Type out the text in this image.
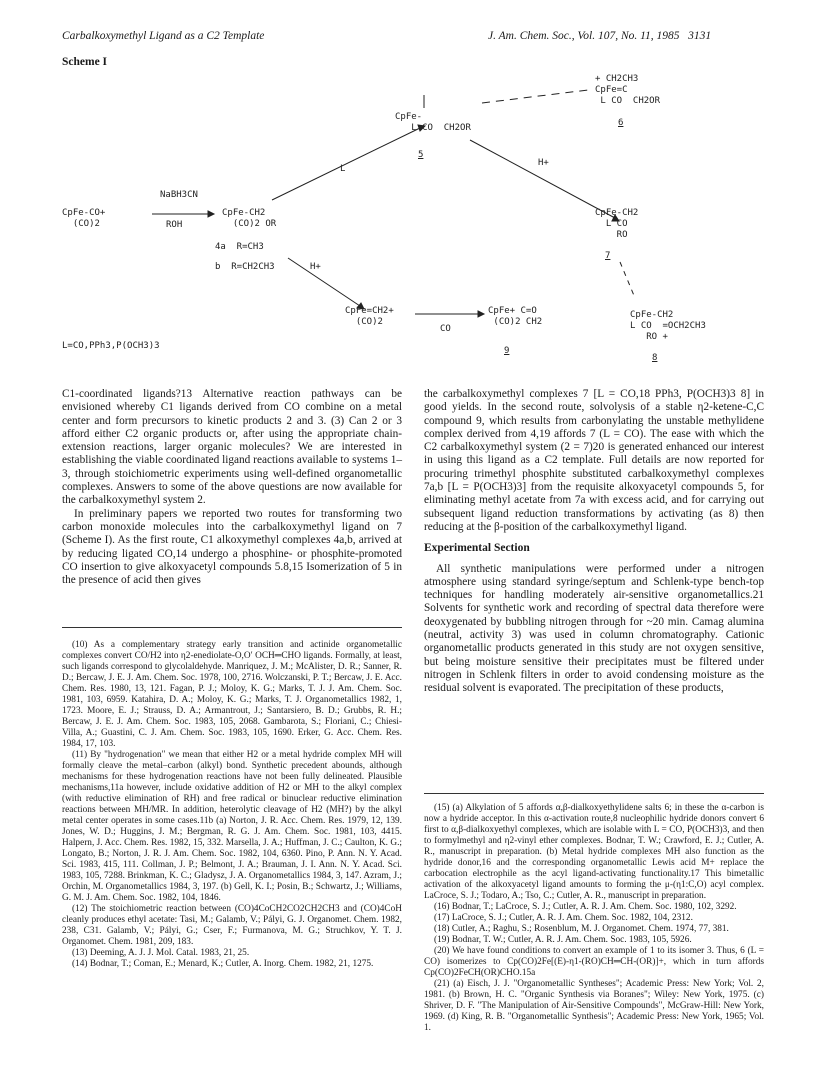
Carbalkoxymethyl Ligand as a C2 Template	J. Am. Chem. Soc., Vol. 107, No. 11, 1985 3131
Scheme I
CpFe-CO+
(CO)2
NaBH3CN
ROH
CpFe-CH2
(CO)2 OR
4a  R=CH3
b  R=CH2CH3	H+
CpFe-
L CO  CH2OR
5
L
H+
+ CH2CH3
CpFe=C
L CO  CH2OR
6
CpFe=CH2+
(CO)2
CO
CpFe+ C=O
(CO)2 CH2
9
CpFe-CH2
L CO
RO
7
CpFe-CH2
L CO  =OCH2CH3
RO +
8
L=CO,PPh3,P(OCH3)3

C1-coordinated ligands?13 Alternative reaction pathways can be envisioned whereby C1 ligands derived from CO combine on a metal center and form precursors to kinetic products 2 and 3. (3) Can 2 or 3 afford either C2 organic products or, after using the appropriate chain-extension reactions, larger organic molecules? We are interested in establishing the viable coordinated ligand reactions available to systems 1–3, through stoichiometric experiments using well-defined organometallic complexes. Answers to some of the above questions are now available for the carbalkoxymethyl system 2.

In preliminary papers we reported two routes for transforming two carbon monoxide molecules into the carbalkoxymethyl ligand on 7 (Scheme I). As the first route, C1 alkoxymethyl complexes 4a,b, arrived at by reducing ligated CO,14 undergo a phosphine- or phosphite-promoted CO insertion to give alkoxyacetyl compounds 5.8,15 Isomerization of 5 in the presence of acid then gives

the carbalkoxymethyl complexes 7 [L = CO,18 PPh3, P(OCH3)3 8] in good yields. In the second route, solvolysis of a stable η2-ketene-C,C compound 9, which results from carbonylating the unstable methylidene complex derived from 4,19 affords 7 (L = CO). The ease with which the C2 carbalkoxymethyl system (2 = 7)20 is generated enhanced our interest in using this ligand as a C2 template. Full details are now reported for procuring trimethyl phosphite substituted carbalkoxymethyl complexes 7a,b [L = P(OCH3)3] from the requisite alkoxyacetyl compounds 5, for eliminating methyl acetate from 7a with excess acid, and for carrying out subsequent ligand reduction transformations by activating (as 8) then reducing at the β-position of the carbalkoxymethyl ligand.

Experimental Section

All synthetic manipulations were performed under a nitrogen atmosphere using standard syringe/septum and Schlenk-type bench-top techniques for handling moderately air-sensitive organometallics.21 Solvents for synthetic work and recording of spectral data therefore were deoxygenated by bubbling nitrogen through for ~20 min. Camag alumina (neutral, activity 3) was used in column chromatography. Cationic organometallic products generated in this study are not oxygen sensitive, but being moisture sensitive their precipitates must be filtered under nitrogen in Schlenk filters in order to avoid condensing moisture as the residual solvent is evaporated. The precipitation of these products,

(10) As a complementary strategy early transition and actinide organometallic complexes convert CO/H2 into η2-enediolate-O,O′ OCH═CHO ligands. Formally, at least, such ligands correspond to glycolaldehyde. Manriquez, J. M.; McAlister, D. R.; Sanner, R. D.; Bercaw, J. E. J. Am. Chem. Soc. 1978, 100, 2716. Wolczanski, P. T.; Bercaw, J. E. Acc. Chem. Res. 1980, 13, 121. Fagan, P. J.; Moloy, K. G.; Marks, T. J. J. Am. Chem. Soc. 1981, 103, 6959. Katahira, D. A.; Moloy, K. G.; Marks, T. J. Organometallics 1982, 1, 1723. Moore, E. J.; Strauss, D. A.; Armantrout, J.; Santarsiero, B. D.; Grubbs, R. H.; Bercaw, J. E. J. Am. Chem. Soc. 1983, 105, 2068. Gambarota, S.; Floriani, C.; Chiesi-Villa, A.; Guastini, C. J. Am. Chem. Soc. 1983, 105, 1690. Erker, G. Acc. Chem. Res. 1984, 17, 103.

(11) By "hydrogenation" we mean that either H2 or a metal hydride complex MH will formally cleave the metal–carbon (alkyl) bond. Synthetic precedent abounds, although mechanisms for these hydrogenation reactions have not been fully delineated. Plausible mechanisms,11a however, include oxidative addition of H2 or MH to the alkyl complex (with reductive elimination of RH) and free radical or binuclear reductive elimination reactions between MH/MR. In addition, heterolytic cleavage of H2 (MH?) by the alkyl metal center operates in some cases.11b (a) Norton, J. R. Acc. Chem. Res. 1979, 12, 139. Jones, W. D.; Huggins, J. M.; Bergman, R. G. J. Am. Chem. Soc. 1981, 103, 4415. Halpern, J. Acc. Chem. Res. 1982, 15, 332. Marsella, J. A.; Huffman, J. C.; Caulton, K. G.; Longato, B.; Norton, J. R. J. Am. Chem. Soc. 1982, 104, 6360. Pino, P. Ann. N. Y. Acad. Sci. 1983, 415, 111. Collman, J. P.; Belmont, J. A.; Brauman, J. I. Ann. N. Y. Acad. Sci. 1983, 105, 7288. Brinkman, K. C.; Gladysz, J. A. Organometallics 1984, 3, 147. Azram, J.; Orchin, M. Organometallics 1984, 3, 197. (b) Gell, K. I.; Posin, B.; Schwartz, J.; Williams, G. M. J. Am. Chem. Soc. 1982, 104, 1846.

(12) The stoichiometric reaction between (CO)4CoCH2CO2CH2CH3 and (CO)4CoH cleanly produces ethyl acetate: Tasi, M.; Galamb, V.; Pályi, G. J. Organomet. Chem. 1982, 238, C31. Galamb, V.; Pályi, G.; Cser, F.; Furmanova, M. G.; Struchkov, Y. T. J. Organomet. Chem. 1981, 209, 183.

(13) Deeming, A. J. J. Mol. Catal. 1983, 21, 25.

(14) Bodnar, T.; Coman, E.; Menard, K.; Cutler, A. Inorg. Chem. 1982, 21, 1275.

(15) (a) Alkylation of 5 affords α,β-dialkoxyethylidene salts 6; in these the α-carbon is now a hydride acceptor. In this α-activation route,8 nucleophilic hydride donors convert 6 first to α,β-dialkoxyethyl complexes, which are isolable with L = CO, P(OCH3)3, and then to formylmethyl and η2-vinyl ether complexes. Bodnar, T. W.; Crawford, E. J.; Cutler, A. R., manuscript in preparation. (b) Metal hydride complexes MH also function as the hydride donor,16 and the corresponding organometallic Lewis acid M+ replace the carbocation electrophile as the acyl ligand-activating functionality.17 This bimetallic activation of the alkoxyacetyl ligand amounts to forming the μ-(η1:C,O) acyl complex. LaCroce, S. J.; Todaro, A.; Tso, C.; Cutler, A. R., manuscript in preparation.

(16) Bodnar, T.; LaCroce, S. J.; Cutler, A. R. J. Am. Chem. Soc. 1980, 102, 3292.

(17) LaCroce, S. J.; Cutler, A. R. J. Am. Chem. Soc. 1982, 104, 2312.

(18) Cutler, A.; Raghu, S.; Rosenblum, M. J. Organomet. Chem. 1974, 77, 381.

(19) Bodnar, T. W.; Cutler, A. R. J. Am. Chem. Soc. 1983, 105, 5926.

(20) We have found conditions to convert an example of 1 to its isomer 3. Thus, 6 (L = CO) isomerizes to Cp(CO)2Fe[(E)-η1-(RO)CH═CH-(OR)]+, which in turn affords Cp(CO)2FeCH(OR)CHO.15a

(21) (a) Eisch, J. J. "Organometallic Syntheses"; Academic Press: New York; Vol. 2, 1981. (b) Brown, H. C. "Organic Synthesis via Boranes"; Wiley: New York, 1975. (c) Shriver, D. F. "The Manipulation of Air-Sensitive Compounds", McGraw-Hill: New York, 1969. (d) King, R. B. "Organometallic Synthesis"; Academic Press: New York, 1965; Vol. 1.
